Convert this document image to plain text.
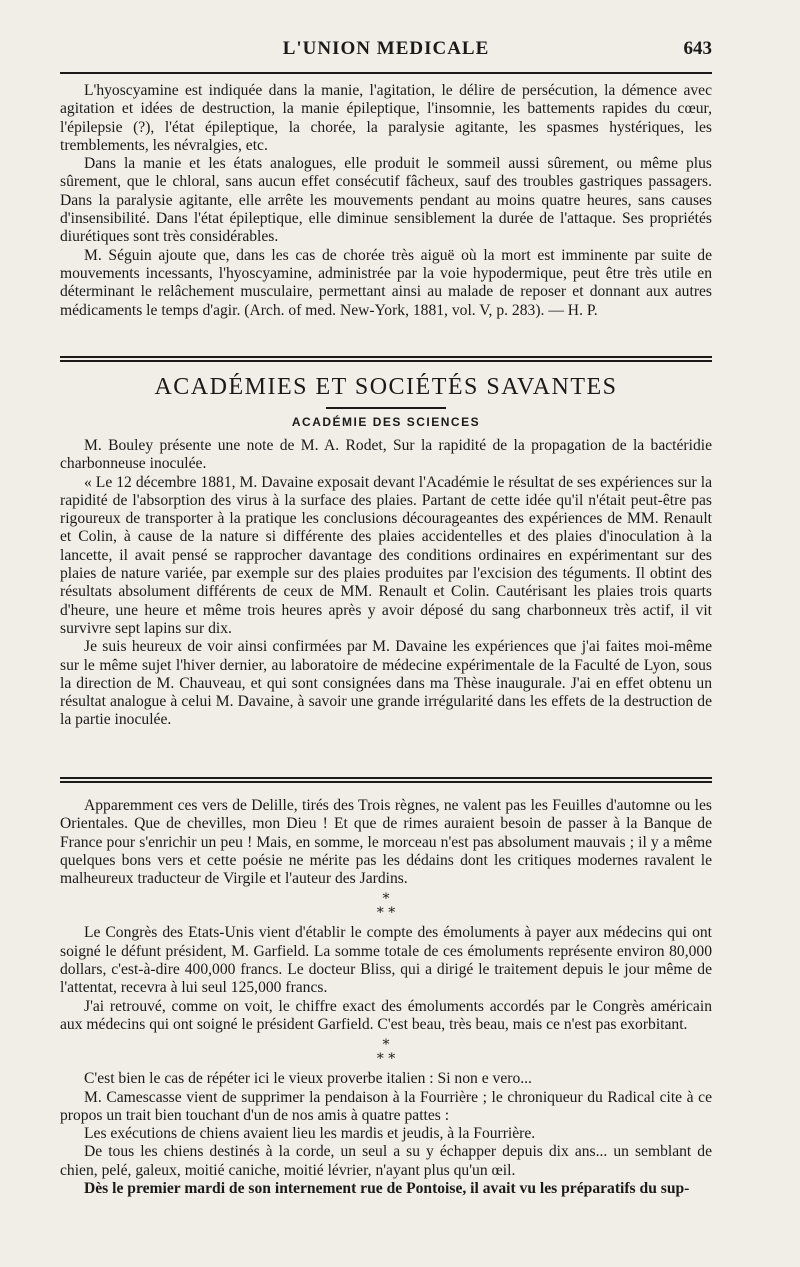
L'UNION MEDICALE	643

L'hyoscyamine est indiquée dans la manie, l'agitation, le délire de persécution, la démence avec agitation et idées de destruction, la manie épileptique, l'insomnie, les battements rapides du cœur, l'épilepsie (?), l'état épileptique, la chorée, la paralysie agitante, les spasmes hystériques, les tremblements, les névralgies, etc.

Dans la manie et les états analogues, elle produit le sommeil aussi sûrement, ou même plus sûrement, que le chloral, sans aucun effet consécutif fâcheux, sauf des troubles gastriques passagers. Dans la paralysie agitante, elle arrête les mouvements pendant au moins quatre heures, sans causes d'insensibilité. Dans l'état épileptique, elle diminue sensiblement la durée de l'attaque. Ses propriétés diurétiques sont très considérables.

M. Séguin ajoute que, dans les cas de chorée très aiguë où la mort est imminente par suite de mouvements incessants, l'hyoscyamine, administrée par la voie hypodermique, peut être très utile en déterminant le relâchement musculaire, permettant ainsi au malade de reposer et donnant aux autres médicaments le temps d'agir. (Arch. of med. New-York, 1881, vol. V, p. 283). — H. P.

ACADÉMIES ET SOCIÉTÉS SAVANTES
ACADÉMIE DES SCIENCES

M. Bouley présente une note de M. A. Rodet, Sur la rapidité de la propagation de la bactéridie charbonneuse inoculée.

« Le 12 décembre 1881, M. Davaine exposait devant l'Académie le résultat de ses expériences sur la rapidité de l'absorption des virus à la surface des plaies. Partant de cette idée qu'il n'était peut-être pas rigoureux de transporter à la pratique les conclusions décourageantes des expériences de MM. Renault et Colin, à cause de la nature si différente des plaies accidentelles et des plaies d'inoculation à la lancette, il avait pensé se rapprocher davantage des conditions ordinaires en expérimentant sur des plaies de nature variée, par exemple sur des plaies produites par l'excision des téguments. Il obtint des résultats absolument différents de ceux de MM. Renault et Colin. Cautérisant les plaies trois quarts d'heure, une heure et même trois heures après y avoir déposé du sang charbonneux très actif, il vit survivre sept lapins sur dix.

Je suis heureux de voir ainsi confirmées par M. Davaine les expériences que j'ai faites moi-même sur le même sujet l'hiver dernier, au laboratoire de médecine expérimentale de la Faculté de Lyon, sous la direction de M. Chauveau, et qui sont consignées dans ma Thèse inaugurale. J'ai en effet obtenu un résultat analogue à celui M. Davaine, à savoir une grande irrégularité dans les effets de la destruction de la partie inoculée.

Apparemment ces vers de Delille, tirés des Trois règnes, ne valent pas les Feuilles d'automne ou les Orientales. Que de chevilles, mon Dieu ! Et que de rimes auraient besoin de passer à la Banque de France pour s'enrichir un peu ! Mais, en somme, le morceau n'est pas absolument mauvais ; il y a même quelques bons vers et cette poésie ne mérite pas les dédains dont les critiques modernes ravalent le malheureux traducteur de Virgile et l'auteur des Jardins.

*
* *

Le Congrès des Etats-Unis vient d'établir le compte des émoluments à payer aux médecins qui ont soigné le défunt président, M. Garfield. La somme totale de ces émoluments représente environ 80,000 dollars, c'est-à-dire 400,000 francs. Le docteur Bliss, qui a dirigé le traitement depuis le jour même de l'attentat, recevra à lui seul 125,000 francs.

J'ai retrouvé, comme on voit, le chiffre exact des émoluments accordés par le Congrès américain aux médecins qui ont soigné le président Garfield. C'est beau, très beau, mais ce n'est pas exorbitant.

*
* *

C'est bien le cas de répéter ici le vieux proverbe italien : Si non e vero...

M. Camescasse vient de supprimer la pendaison à la Fourrière ; le chroniqueur du Radical cite à ce propos un trait bien touchant d'un de nos amis à quatre pattes :

Les exécutions de chiens avaient lieu les mardis et jeudis, à la Fourrière.

De tous les chiens destinés à la corde, un seul a su y échapper depuis dix ans... un semblant de chien, pelé, galeux, moitié caniche, moitié lévrier, n'ayant plus qu'un œil.

Dès le premier mardi de son internement rue de Pontoise, il avait vu les préparatifs du sup-
